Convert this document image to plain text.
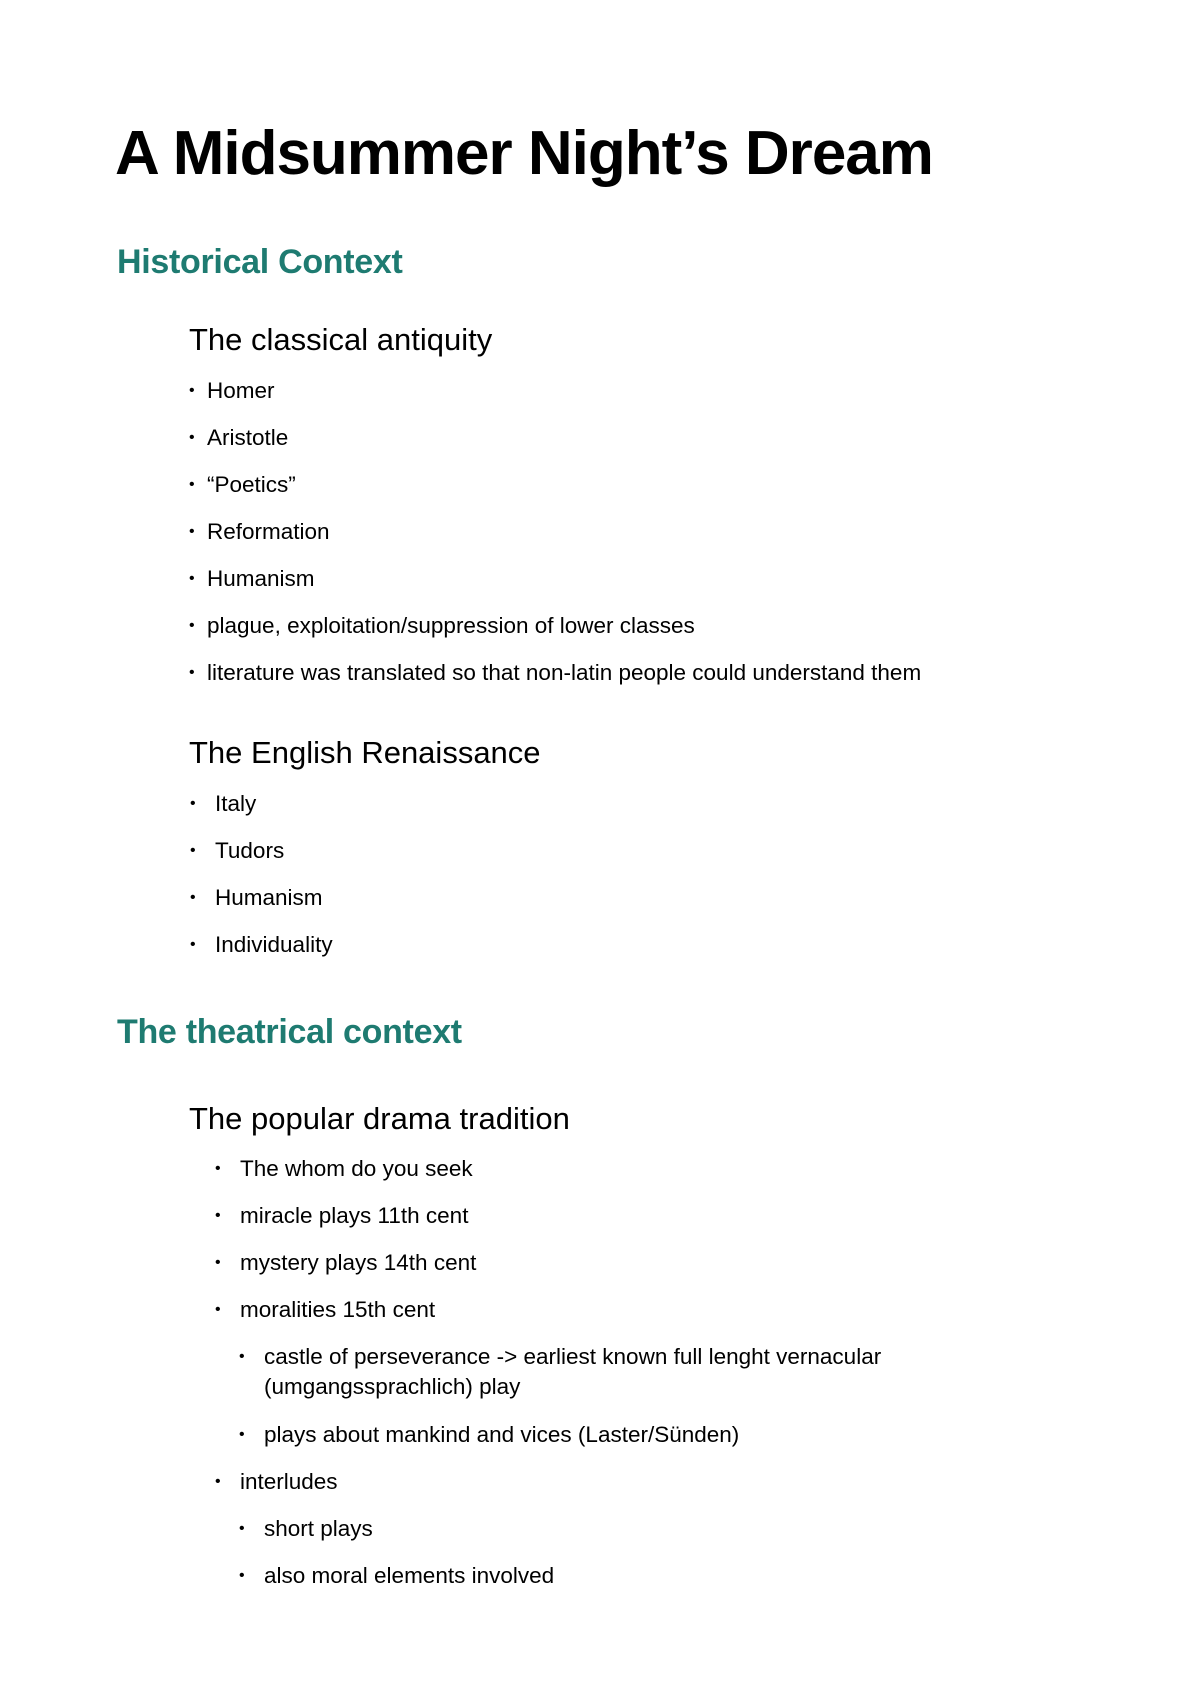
A Midsummer Night’s Dream
Historical Context
The classical antiquity
• Homer
• Aristotle
• “Poetics”
• Reformation
• Humanism
• plague, exploitation/suppression of lower classes
• literature was translated so that non-latin people could understand them
The English Renaissance
• Italy
• Tudors
• Humanism
• Individuality
The theatrical context
The popular drama tradition
• The whom do you seek
• miracle plays 11th cent
• mystery plays 14th cent
• moralities 15th cent
• castle of perseverance -> earliest known full lenght vernacular (umgangssprachlich) play
• plays about mankind and vices (Laster/Sünden)
• interludes
• short plays
• also moral elements involved
